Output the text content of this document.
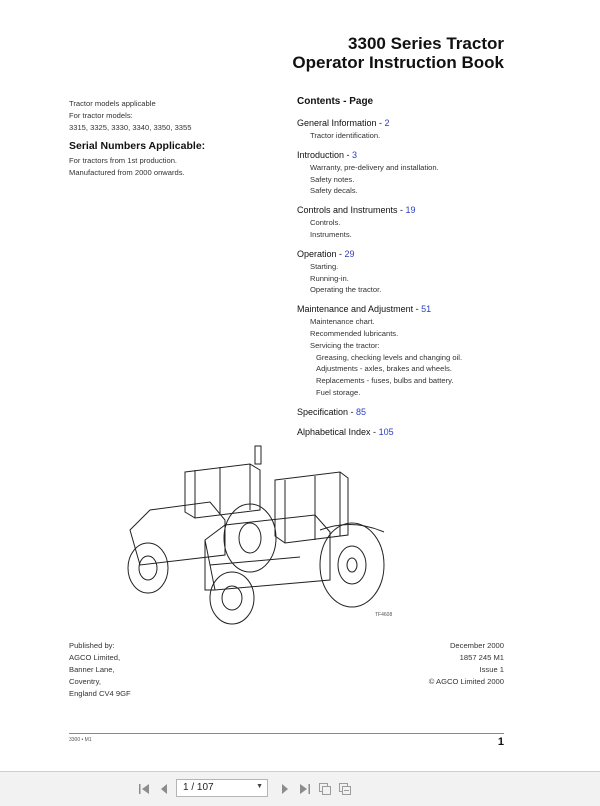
3300 Series Tractor
Operator Instruction Book
Tractor models applicable
For tractor models:
3315, 3325, 3330, 3340, 3350, 3355
Serial Numbers Applicable:
For tractors from 1st production.
Manufactured from 2000 onwards.
Contents - Page
General Information - 2
Tractor identification.
Introduction - 3
Warranty, pre-delivery and installation.
Safety notes.
Safety decals.
Controls and Instruments - 19
Controls.
Instruments.
Operation - 29
Starting.
Running-in.
Operating the tractor.
Maintenance and Adjustment - 51
Maintenance chart.
Recommended lubricants.
Servicing the tractor:
Greasing, checking levels and changing oil.
Adjustments - axles, brakes and wheels.
Replacements - fuses, bulbs and battery.
Fuel storage.
Specification - 85
Alphabetical Index - 105
TF4608
Published by:
AGCO Limited,
Banner Lane,
Coventry,
England CV4 9GF
December 2000
1857 245 M1
Issue 1
© AGCO Limited 2000
3300 • M1	1
1 / 107	▼
